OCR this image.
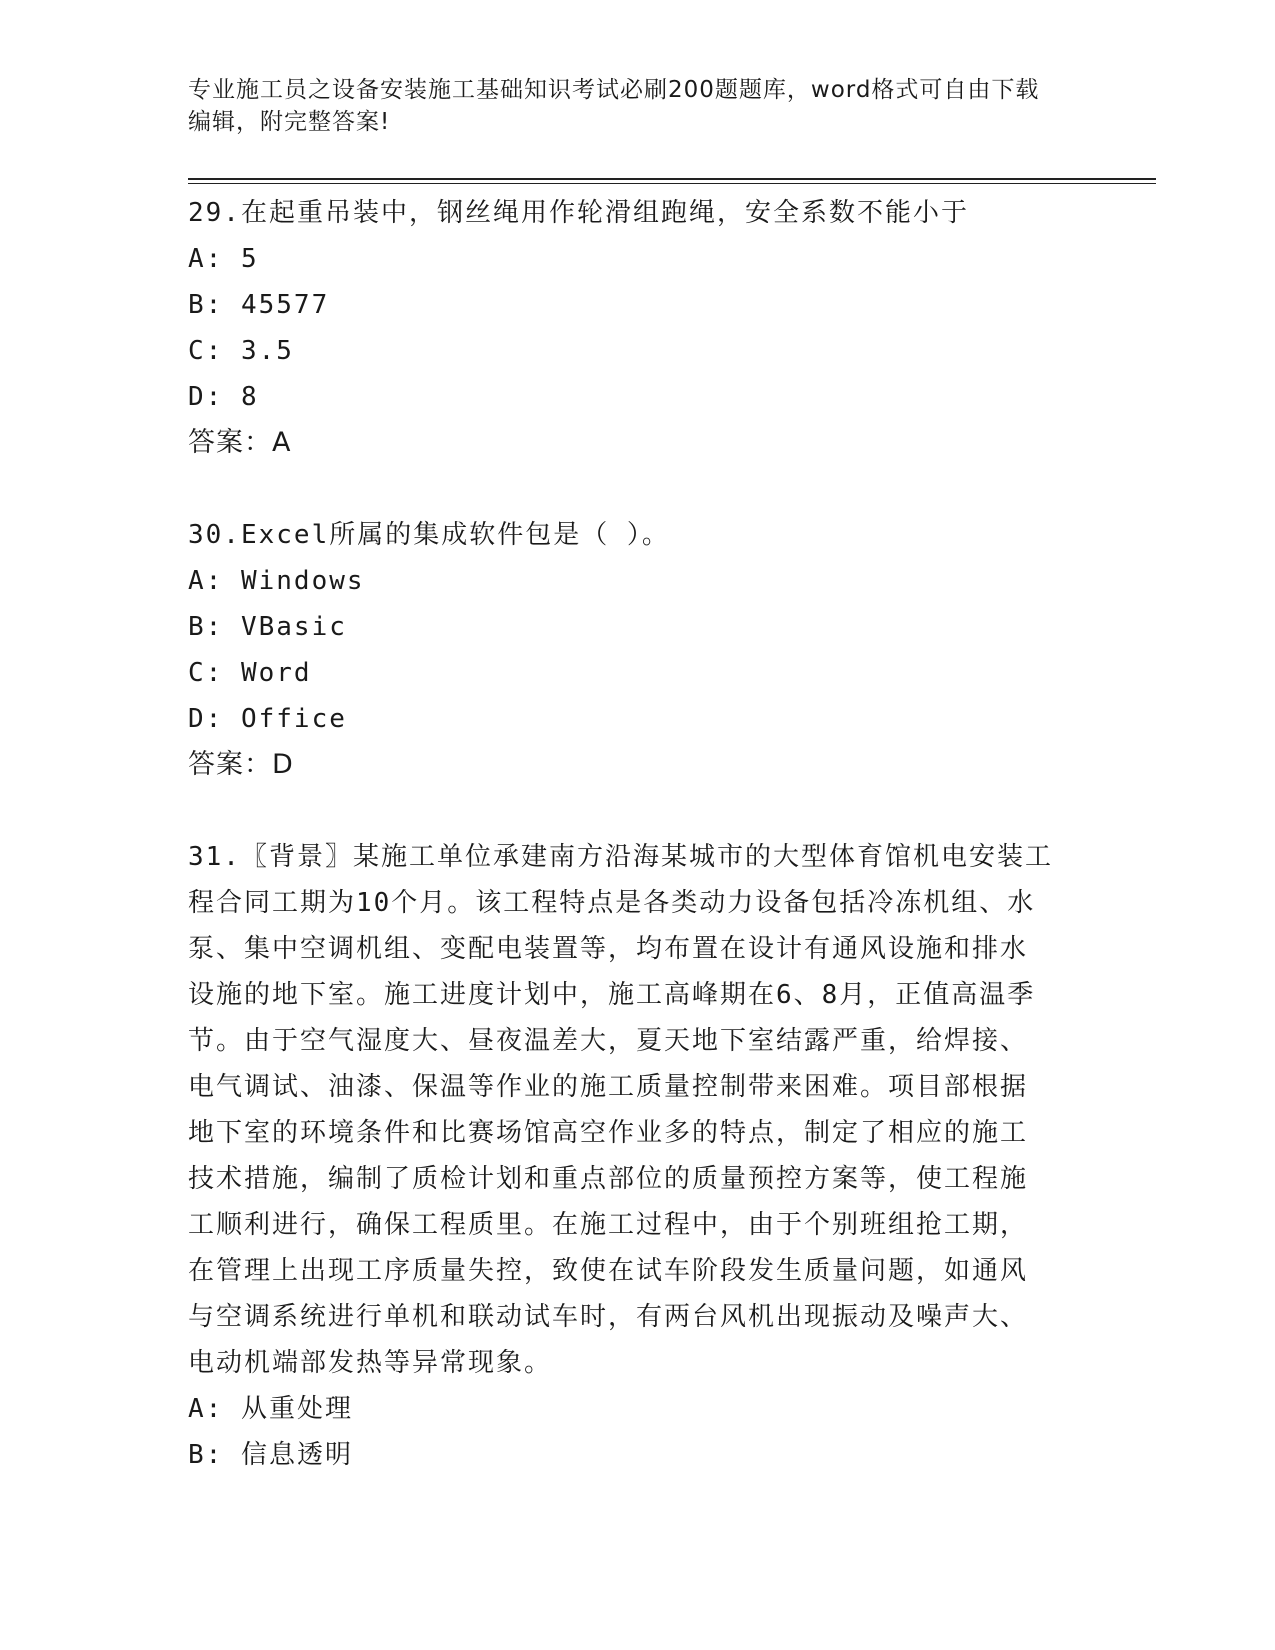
专业施工员之设备安装施工基础知识考试必刷200题题库，word格式可自由下载
编辑，附完整答案!
29.在起重吊装中，钢丝绳用作轮滑组跑绳，安全系数不能小于
A: 5
B: 45577
C: 3.5
D: 8
答案：A
30.Excel所属的集成软件包是（ ）。
A: Windows
B: VBasic
C: Word
D: Office
答案：D
31.〖背景〗某施工单位承建南方沿海某城市的大型体育馆机电安装工
程合同工期为10个月。该工程特点是各类动力设备包括冷冻机组、水
泵、集中空调机组、变配电装置等，均布置在设计有通风设施和排水
设施的地下室。施工进度计划中，施工高峰期在6、8月，正值高温季
节。由于空气湿度大、昼夜温差大，夏天地下室结露严重，给焊接、
电气调试、油漆、保温等作业的施工质量控制带来困难。项目部根据
地下室的环境条件和比赛场馆高空作业多的特点，制定了相应的施工
技术措施，编制了质检计划和重点部位的质量预控方案等，使工程施
工顺利进行，确保工程质里。在施工过程中，由于个别班组抢工期，
在管理上出现工序质量失控，致使在试车阶段发生质量问题，如通风
与空调系统进行单机和联动试车时，有两台风机出现振动及噪声大、
电动机端部发热等异常现象。
A: 从重处理
B: 信息透明
